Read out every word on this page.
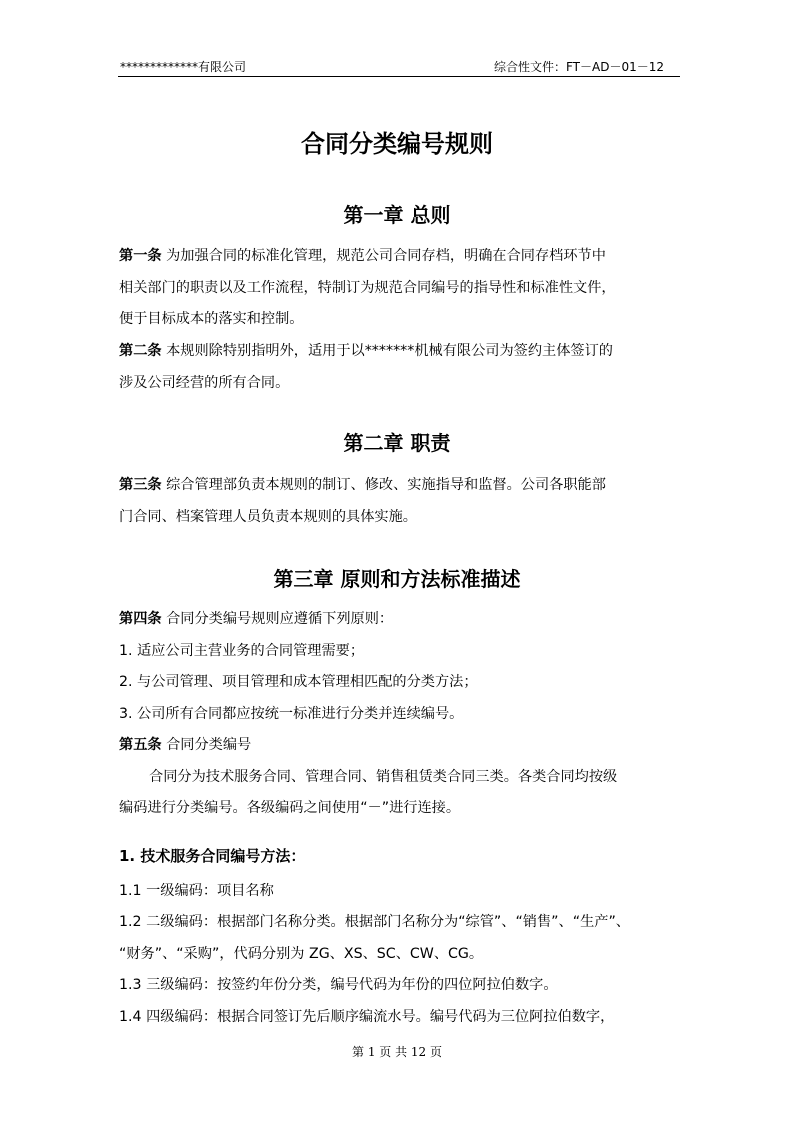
*************有限公司	综合性文件：FT－AD－01－12
合同分类编号规则
第一章 总则
第一条 为加强合同的标准化管理，规范公司合同存档，明确在合同存档环节中
相关部门的职责以及工作流程，特制订为规范合同编号的指导性和标准性文件，
便于目标成本的落实和控制。
第二条 本规则除特别指明外，适用于以*******机械有限公司为签约主体签订的
涉及公司经营的所有合同。
第二章 职责
第三条 综合管理部负责本规则的制订、修改、实施指导和监督。公司各职能部
门合同、档案管理人员负责本规则的具体实施。
第三章 原则和方法标准描述
第四条 合同分类编号规则应遵循下列原则：
1. 适应公司主营业务的合同管理需要；
2. 与公司管理、项目管理和成本管理相匹配的分类方法；
3. 公司所有合同都应按统一标准进行分类并连续编号。
第五条 合同分类编号
合同分为技术服务合同、管理合同、销售租赁类合同三类。各类合同均按级
编码进行分类编号。各级编码之间使用“－”进行连接。
1. 技术服务合同编号方法：
1.1 一级编码：项目名称
1.2 二级编码：根据部门名称分类。根据部门名称分为“综管”、“销售”、“生产”、
“财务”、“采购”，代码分别为 ZG、XS、SC、CW、CG。
1.3 三级编码：按签约年份分类，编号代码为年份的四位阿拉伯数字。
1.4 四级编码：根据合同签订先后顺序编流水号。编号代码为三位阿拉伯数字，
第 1 页 共 12 页
